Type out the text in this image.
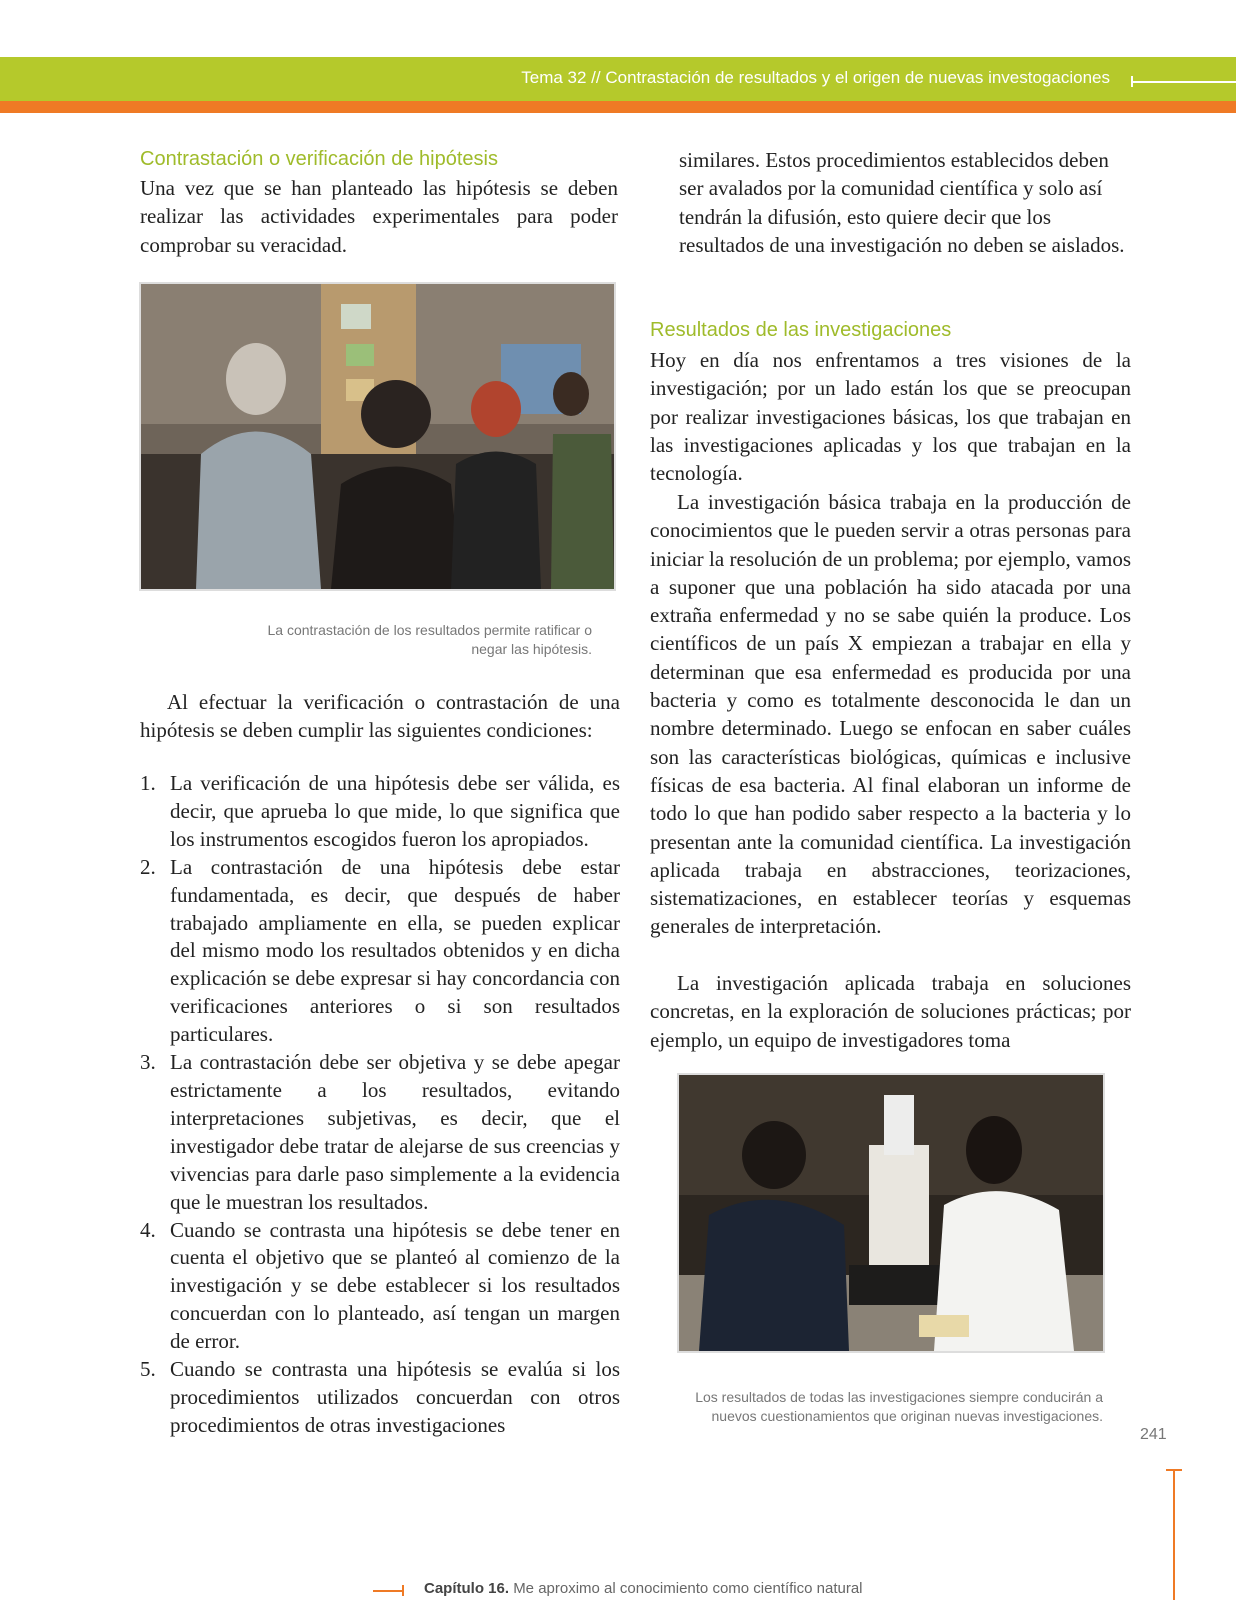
Tema 32 // Contrastación de resultados y el origen de nuevas investogaciones
Contrastación o verificación de hipótesis

Una vez que se han planteado las hipótesis se deben realizar las actividades experimentales para poder comprobar su veracidad.

La contrastación de los resultados permite ratificar o negar las hipótesis.

Al efectuar la verificación o contrastación de una hipótesis se deben cumplir las siguientes condiciones:

1. La verificación de una hipótesis debe ser válida, es decir, que aprueba lo que mide, lo que significa que los instrumentos escogidos fueron los apropiados.
2. La contrastación de una hipótesis debe estar fundamentada, es decir, que después de haber trabajado ampliamente en ella, se pueden explicar del mismo modo los resultados obtenidos y en dicha explicación se debe expresar si hay concordancia con verificaciones anteriores o si son resultados particulares.
3. La contrastación debe ser objetiva y se debe apegar estrictamente a los resultados, evitando interpretaciones subjetivas, es decir, que el investigador debe tratar de alejarse de sus creencias y vivencias para darle paso simplemente a la evidencia que le muestran los resultados.
4. Cuando se contrasta una hipótesis se debe tener en cuenta el objetivo que se planteó al comienzo de la investigación y se debe establecer si los resultados concuerdan con lo planteado, así tengan un margen de error.
5. Cuando se contrasta una hipótesis se evalúa si los procedimientos utilizados concuerdan con otros procedimientos de otras investigaciones

similares. Estos procedimientos establecidos deben ser avalados por la comunidad científica y solo así tendrán la difusión, esto quiere decir que los resultados de una investigación no deben se aislados.

Resultados de las investigaciones

Hoy en día nos enfrentamos a tres visiones de la investigación; por un lado están los que se preocupan por realizar investigaciones básicas, los que trabajan en las investigaciones aplicadas y los que trabajan en la tecnología.

La investigación básica trabaja en la producción de conocimientos que le pueden servir a otras personas para iniciar la resolución de un problema; por ejemplo, vamos a suponer que una población ha sido atacada por una extraña enfermedad y no se sabe quién la produce. Los científicos de un país X empiezan a trabajar en ella y determinan que esa enfermedad es producida por una bacteria y como es totalmente desconocida le dan un nombre determinado. Luego se enfocan en saber cuáles son las características biológicas, químicas e inclusive físicas de esa bacteria. Al final elaboran un informe de todo lo que han podido saber respecto a la bacteria y lo presentan ante la comunidad científica. La investigación aplicada trabaja en abstracciones, teorizaciones, sistematizaciones, en establecer teorías y esquemas generales de interpretación.

La investigación aplicada trabaja en soluciones concretas, en la exploración de soluciones prácticas; por ejemplo, un equipo de investigadores toma

Los resultados de todas las investigaciones siempre conducirán a nuevos cuestionamientos que originan nuevas investigaciones.

241
Capítulo 16. Me aproximo al conocimiento como científico natural
